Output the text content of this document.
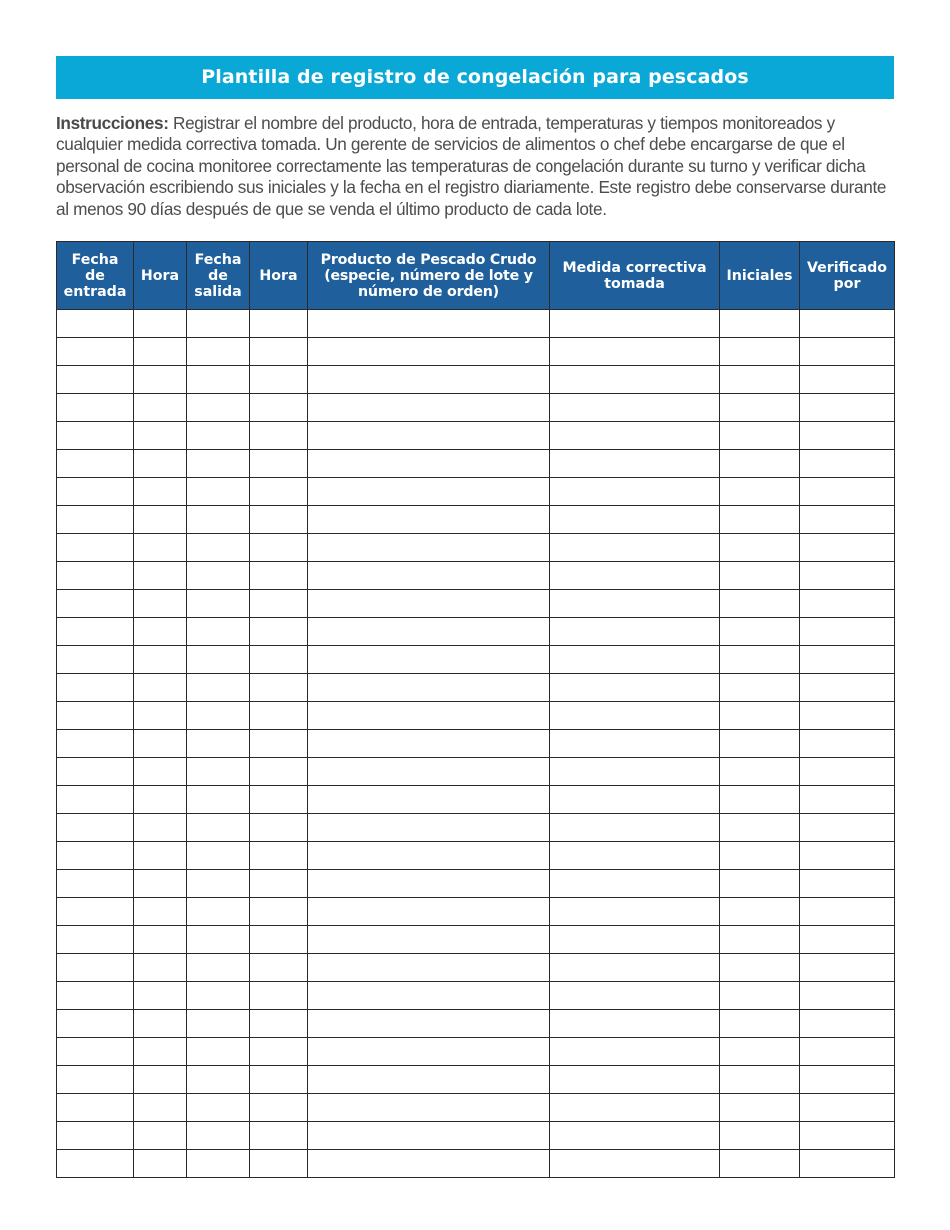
Plantilla de registro de congelación para pescados
Instrucciones: Registrar el nombre del producto, hora de entrada, temperaturas y tiempos monitoreados y cualquier medida correctiva tomada. Un gerente de servicios de alimentos o chef debe encargarse de que el personal de cocina monitoree correctamente las temperaturas de congelación durante su turno y verificar dicha observación escribiendo sus iniciales y la fecha en el registro diariamente. Este registro debe conservarse durante al menos 90 días después de que se venda el último producto de cada lote.
Fecha de entrada	Hora	Fecha de salida	Hora	Producto de Pescado Crudo (especie, número de lote y número de orden)	Medida correctiva tomada	Iniciales	Verificado por
